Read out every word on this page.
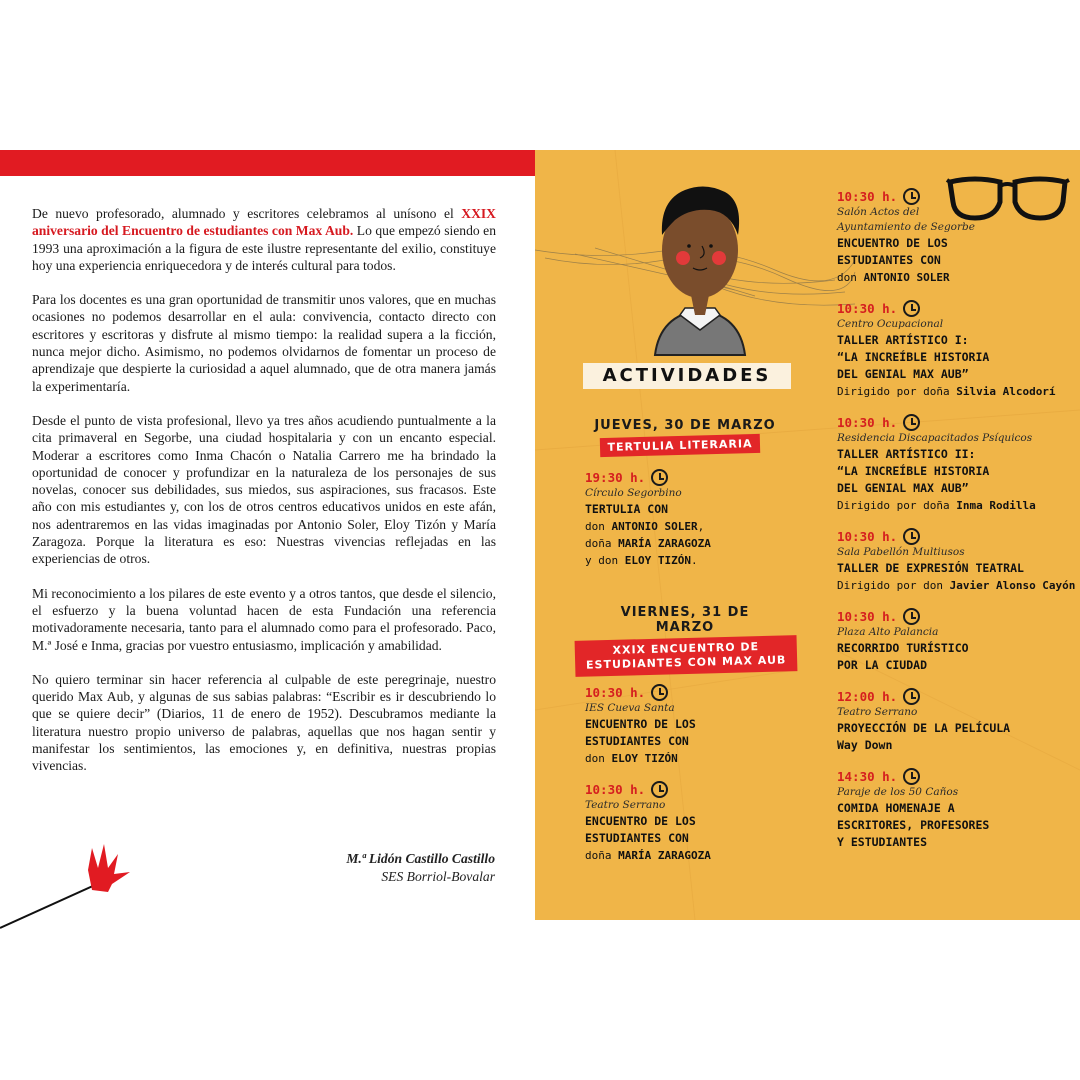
De nuevo profesorado, alumnado y escritores celebramos al unísono el XXIX aniversario del Encuentro de estudiantes con Max Aub. Lo que empezó siendo en 1993 una aproximación a la figura de este ilustre representante del exilio, constituye hoy una experiencia enriquecedora y de interés cultural para todos.

Para los docentes es una gran oportunidad de transmitir unos valores, que en muchas ocasiones no podemos desarrollar en el aula: convivencia, contacto directo con escritores y escritoras y disfrute al mismo tiempo: la realidad supera a la ficción, nunca mejor dicho. Asimismo, no podemos olvidarnos de fomentar un proceso de aprendizaje que despierte la curiosidad a aquel alumnado, que de otra manera jamás la experimentaría.

Desde el punto de vista profesional, llevo ya tres años acudiendo puntualmente a la cita primaveral en Segorbe, una ciudad hospitalaria y con un encanto especial. Moderar a escritores como Inma Chacón o Natalia Carrero me ha brindado la oportunidad de conocer y profundizar en la naturaleza de los personajes de sus novelas, conocer sus debilidades, sus miedos, sus aspiraciones, sus fracasos. Este año con mis estudiantes y, con los de otros centros educativos unidos en este afán, nos adentraremos en las vidas imaginadas por Antonio Soler, Eloy Tizón y María Zaragoza. Porque la literatura es eso: Nuestras vivencias reflejadas en las experiencias de otros.

Mi reconocimiento a los pilares de este evento y a otros tantos, que desde el silencio, el esfuerzo y la buena voluntad hacen de esta Fundación una referencia motivadoramente necesaria, tanto para el alumnado como para el profesorado. Paco, M.ª José e Inma, gracias por vuestro entusiasmo, implicación y amabilidad.

No quiero terminar sin hacer referencia al culpable de este peregrinaje, nuestro querido Max Aub, y algunas de sus sabias palabras: “Escribir es ir descubriendo lo que se quiere decir” (Diarios, 11 de enero de 1952). Descubramos mediante la literatura nuestro propio universo de palabras, aquellas que nos hagan sentir y manifestar los sentimientos, las emociones y, en definitiva, nuestras propias vivencias.

M.ª Lidón Castillo Castillo
SES Borriol-Bovalar
ACTIVIDADES
JUEVES, 30 DE MARZO
TERTULIA LITERARIA
19:30 h.
Círculo Segorbino
TERTULIA CON
don ANTONIO SOLER,
doña MARÍA ZARAGOZA
y don ELOY TIZÓN.
VIERNES, 31 DE MARZO
XXIX ENCUENTRO DE
ESTUDIANTES CON MAX AUB
10:30 h.
IES Cueva Santa
ENCUENTRO DE LOS
ESTUDIANTES CON
don ELOY TIZÓN
10:30 h.
Teatro Serrano
ENCUENTRO DE LOS
ESTUDIANTES CON
doña MARÍA ZARAGOZA
10:30 h.
Salón Actos del
Ayuntamiento de Segorbe
ENCUENTRO DE LOS
ESTUDIANTES CON
don ANTONIO SOLER
10:30 h.
Centro Ocupacional
TALLER ARTÍSTICO I:
“LA INCREÍBLE HISTORIA
DEL GENIAL MAX AUB”
Dirigido por doña Silvia Alcodorí
10:30 h.
Residencia Discapacitados Psíquicos
TALLER ARTÍSTICO II:
“LA INCREÍBLE HISTORIA
DEL GENIAL MAX AUB”
Dirigido por doña Inma Rodilla
10:30 h.
Sala Pabellón Multiusos
TALLER DE EXPRESIÓN TEATRAL
Dirigido por don Javier Alonso Cayón
10:30 h.
Plaza Alto Palancia
RECORRIDO TURÍSTICO
POR LA CIUDAD
12:00 h.
Teatro Serrano
PROYECCIÓN DE LA PELÍCULA
Way Down
14:30 h.
Paraje de los 50 Caños
COMIDA HOMENAJE A
ESCRITORES, PROFESORES
Y ESTUDIANTES
